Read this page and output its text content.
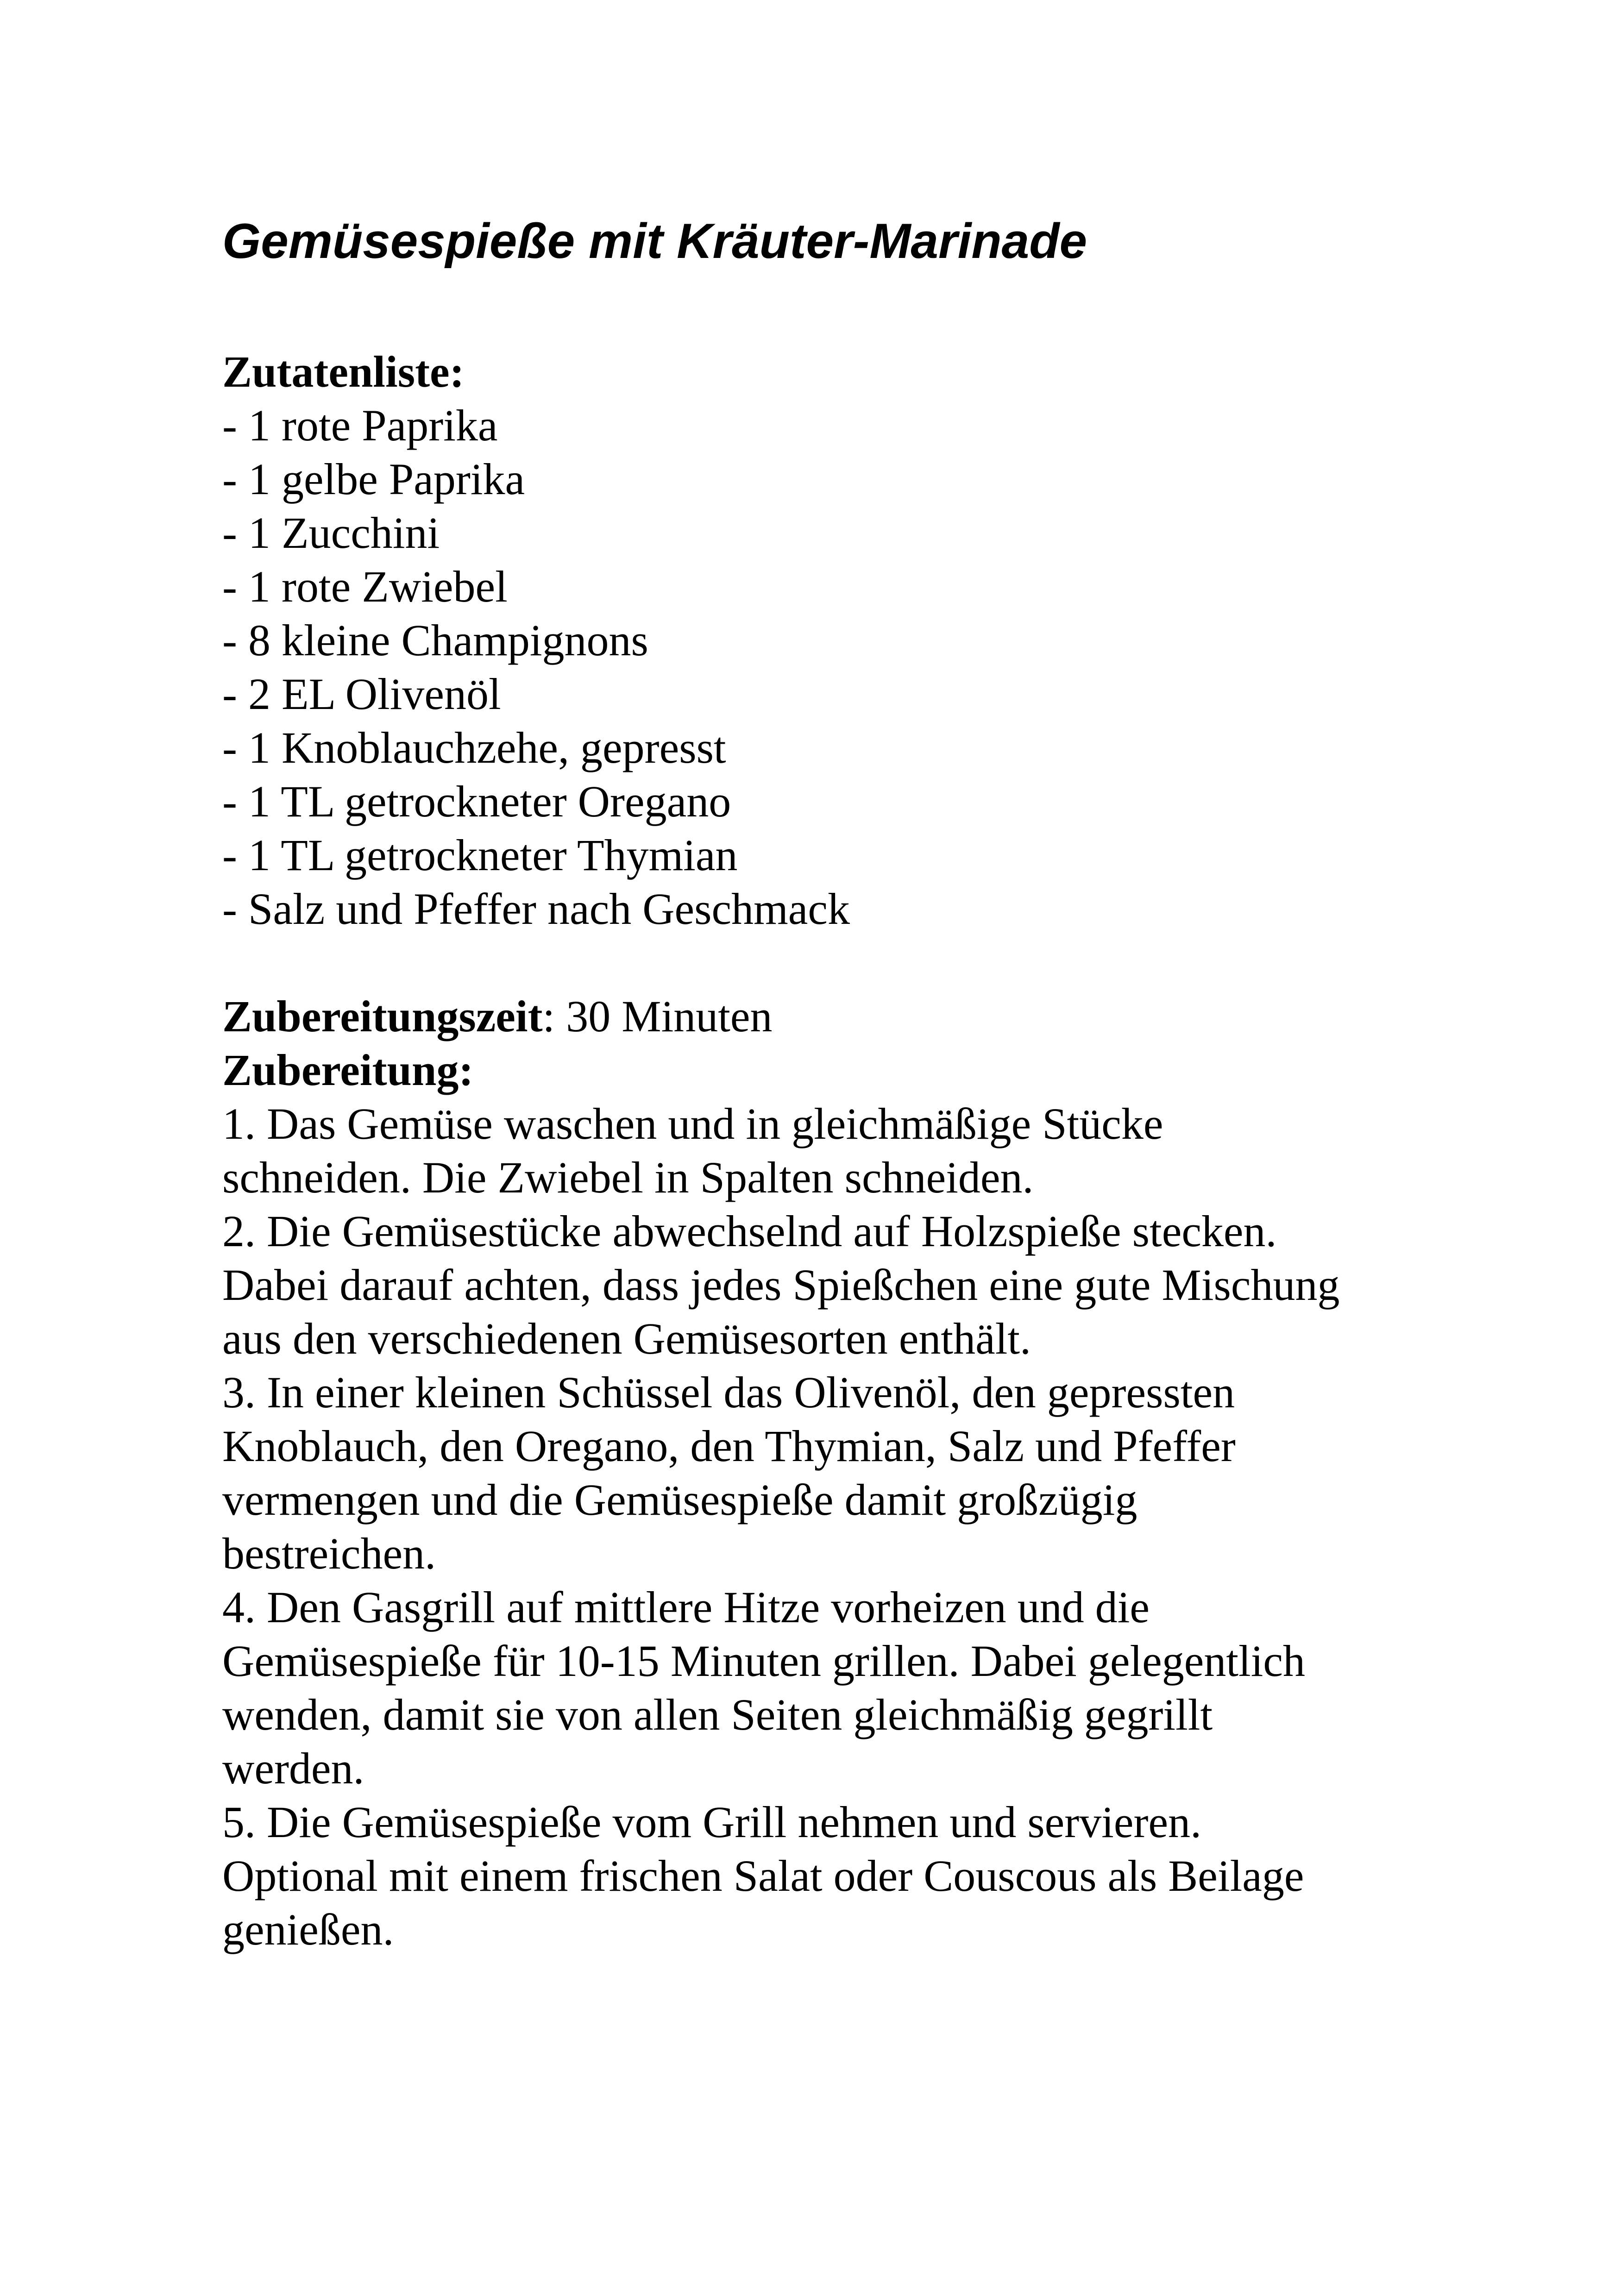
Gemüsespieße mit Kräuter-Marinade
Zutatenliste:
- 1 rote Paprika
- 1 gelbe Paprika
- 1 Zucchini
- 1 rote Zwiebel
- 8 kleine Champignons
- 2 EL Olivenöl
- 1 Knoblauchzehe, gepresst
- 1 TL getrockneter Oregano
- 1 TL getrockneter Thymian
- Salz und Pfeffer nach Geschmack
Zubereitungszeit: 30 Minuten
Zubereitung:
1. Das Gemüse waschen und in gleichmäßige Stücke
schneiden. Die Zwiebel in Spalten schneiden.
2. Die Gemüsestücke abwechselnd auf Holzspieße stecken.
Dabei darauf achten, dass jedes Spießchen eine gute Mischung
aus den verschiedenen Gemüsesorten enthält.
3. In einer kleinen Schüssel das Olivenöl, den gepressten
Knoblauch, den Oregano, den Thymian, Salz und Pfeffer
vermengen und die Gemüsespieße damit großzügig
bestreichen.
4. Den Gasgrill auf mittlere Hitze vorheizen und die
Gemüsespieße für 10-15 Minuten grillen. Dabei gelegentlich
wenden, damit sie von allen Seiten gleichmäßig gegrillt
werden.
5. Die Gemüsespieße vom Grill nehmen und servieren.
Optional mit einem frischen Salat oder Couscous als Beilage
genießen.
